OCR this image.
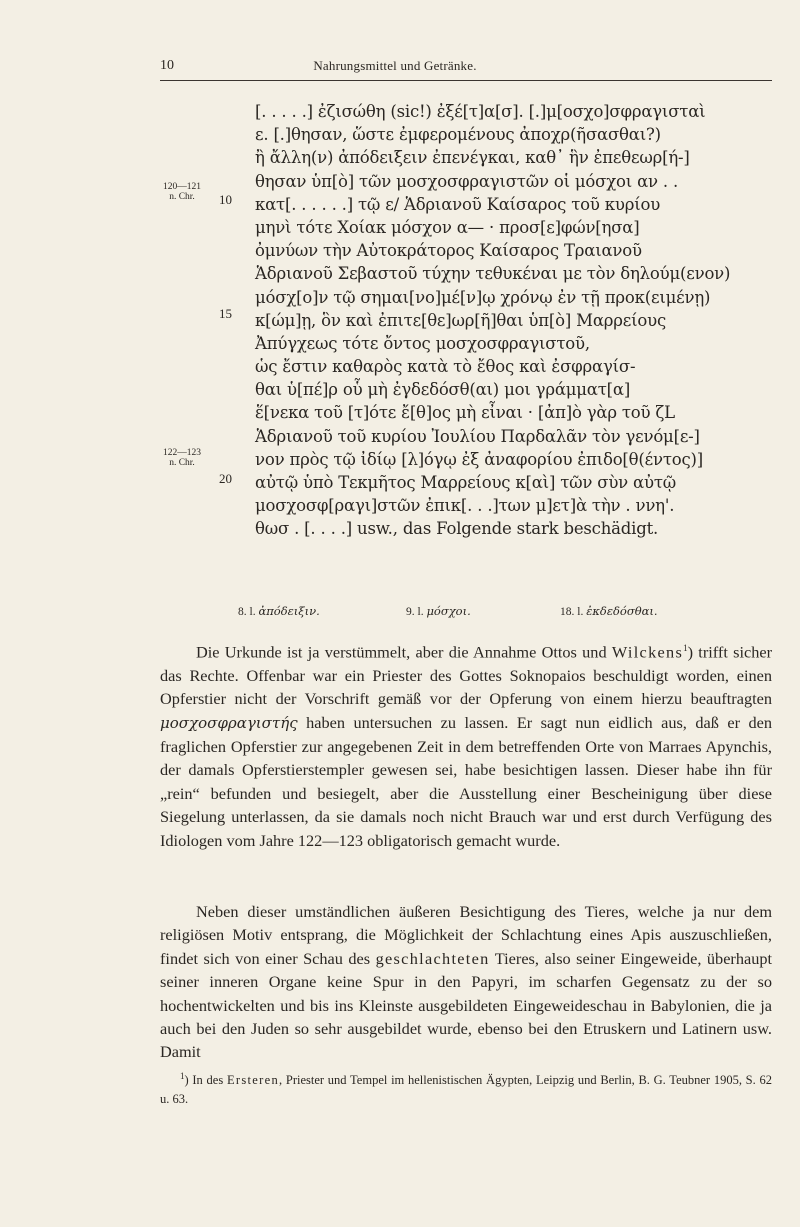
10	Nahrungsmittel und Getränke.
120—121
n. Chr.	10
15
122—123
n. Chr.
20
[. . . . .] ἐζισώθη (sic!) ἐξέ[τ]α[σ]. [.]μ[οσχο]σφραγισταὶ
ε. [.]θησαν, ὥστε ἐμφερομένους ἀποχρ(ῆσασθαι?)
ἢ ἄλλη(ν) ἀπόδειξειν ἐπενέγκαι, καθ᾽ ἣν ἐπεθεωρ[ή-]
θησαν ὑπ[ὸ] τῶν μοσχοσφραγιστῶν οἱ μόσχοι αν . .
κατ[. . . . . .] τῷ ε/ Ἁδριανοῦ Καίσαρος τοῦ κυρίου
μηνὶ τότε Χοίακ μόσχον α— · προσ[ε]φών[ησα]
ὀμνύων τὴν Αὐτοκράτορος Καίσαρος Τραιανοῦ
Ἁδριανοῦ Σεβαστοῦ τύχην τεθυκέναι με τὸν δηλούμ(ενον)
μόσχ[ο]ν τῷ σημαι[νο]μέ[ν]ῳ χρόνῳ ἐν τῇ προκ(ειμένῃ)
κ[ώμ]ῃ, ὃν καὶ ἐπιτε[θε]ωρ[ῆ]θαι ὑπ[ὸ] Μαρρείους
Ἀπύγχεως τότε ὄντος μοσχοσφραγιστοῦ,
ὡς ἔστιν καθαρὸς κατὰ τὸ ἔθος καὶ ἐσφραγίσ-
θαι ὑ[πέ]ρ οὗ μὴ ἐγδεδόσθ(αι) μοι γράμματ[α]
ἕ[νεκα τοῦ [τ]ότε ἔ[θ]ος μὴ εἶναι · [ἀπ]ὸ γὰρ τοῦ ζL
Ἁδριανοῦ τοῦ κυρίου Ἰουλίου Παρδαλᾶν τὸν γενόμ[ε-]
νον πρὸς τῷ ἰδίῳ [λ]όγῳ ἐξ ἀναφορίου ἐπιδο[θ(έντος)]
αὐτῷ ὑπὸ Τεκμῆτος Μαρρείους κ[αὶ] τῶν σὺν αὐτῷ
μοσχοσφ[ραγι]στῶν ἐπικ[. . .]των μ]ετ]ὰ τὴν . ννη'.
θωσ . [. . . .] usw., das Folgende stark beschädigt.
8. l. ἀπόδειξιν.	9. l. μόσχοι.	18. l. ἐκδεδόσθαι.

Die Urkunde ist ja verstümmelt, aber die Annahme Ottos und Wilckens$^1$) trifft sicher das Rechte. Offenbar war ein Priester des Gottes Soknopaios beschuldigt worden, einen Opferstier nicht der Vorschrift gemäß vor der Opferung von einem hierzu beauftragten μοσχοσφραγιστής haben untersuchen zu lassen. Er sagt nun eidlich aus, daß er den fraglichen Opferstier zur angegebenen Zeit in dem betreffenden Orte von Marraes Apynchis, der damals Opferstierstempler gewesen sei, habe besichtigen lassen. Dieser habe ihn für „rein“ befunden und besiegelt, aber die Ausstellung einer Bescheinigung über diese Siegelung unterlassen, da sie damals noch nicht Brauch war und erst durch Verfügung des Idiologen vom Jahre 122—123 obligatorisch gemacht wurde.

Neben dieser umständlichen äußeren Besichtigung des Tieres, welche ja nur dem religiösen Motiv entsprang, die Möglichkeit der Schlachtung eines Apis auszuschließen, findet sich von einer Schau des geschlachteten Tieres, also seiner Eingeweide, überhaupt seiner inneren Organe keine Spur in den Papyri, im scharfen Gegensatz zu der so hochentwickelten und bis ins Kleinste ausgebildeten Eingeweideschau in Babylonien, die ja auch bei den Juden so sehr ausgebildet wurde, ebenso bei den Etruskern und Latinern usw. Damit

$^1$) In des Ersteren, Priester und Tempel im hellenistischen Ägypten, Leipzig und Berlin, B. G. Teubner 1905, S. 62 u. 63.
